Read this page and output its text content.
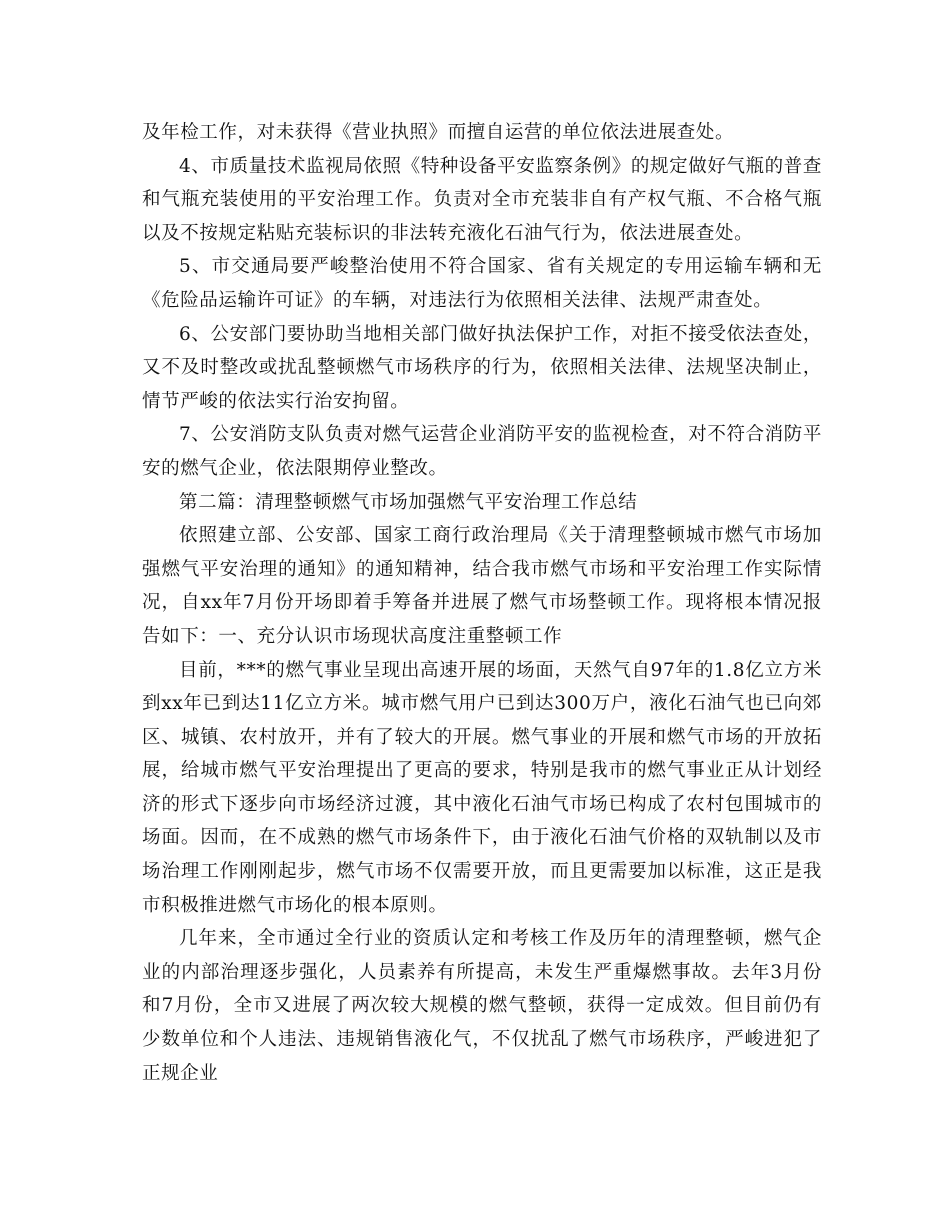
及年检工作，对未获得《营业执照》而擅自运营的单位依法进展查处。

4、市质量技术监视局依照《特种设备平安监察条例》的规定做好气瓶的普查和气瓶充装使用的平安治理工作。负责对全市充装非自有产权气瓶、不合格气瓶以及不按规定粘贴充装标识的非法转充液化石油气行为，依法进展查处。

5、市交通局要严峻整治使用不符合国家、省有关规定的专用运输车辆和无《危险品运输许可证》的车辆，对违法行为依照相关法律、法规严肃查处。

6、公安部门要协助当地相关部门做好执法保护工作，对拒不接受依法查处，又不及时整改或扰乱整顿燃气市场秩序的行为，依照相关法律、法规坚决制止，情节严峻的依法实行治安拘留。

7、公安消防支队负责对燃气运营企业消防平安的监视检查，对不符合消防平安的燃气企业，依法限期停业整改。

第二篇：清理整顿燃气市场加强燃气平安治理工作总结

依照建立部、公安部、国家工商行政治理局《关于清理整顿城市燃气市场加强燃气平安治理的通知》的通知精神，结合我市燃气市场和平安治理工作实际情况，自xx年7月份开场即着手筹备并进展了燃气市场整顿工作。现将根本情况报告如下：一、充分认识市场现状高度注重整顿工作

目前，***的燃气事业呈现出高速开展的场面，天然气自97年的1.8亿立方米到xx年已到达11亿立方米。城市燃气用户已到达300万户，液化石油气也已向郊区、城镇、农村放开，并有了较大的开展。燃气事业的开展和燃气市场的开放拓展，给城市燃气平安治理提出了更高的要求，特别是我市的燃气事业正从计划经济的形式下逐步向市场经济过渡，其中液化石油气市场已构成了农村包围城市的场面。因而，在不成熟的燃气市场条件下，由于液化石油气价格的双轨制以及市场治理工作刚刚起步，燃气市场不仅需要开放，而且更需要加以标准，这正是我市积极推进燃气市场化的根本原则。

几年来，全市通过全行业的资质认定和考核工作及历年的清理整顿，燃气企业的内部治理逐步强化，人员素养有所提高，未发生严重爆燃事故。去年3月份和7月份，全市又进展了两次较大规模的燃气整顿，获得一定成效。但目前仍有少数单位和个人违法、违规销售液化气，不仅扰乱了燃气市场秩序，严峻进犯了正规企业
